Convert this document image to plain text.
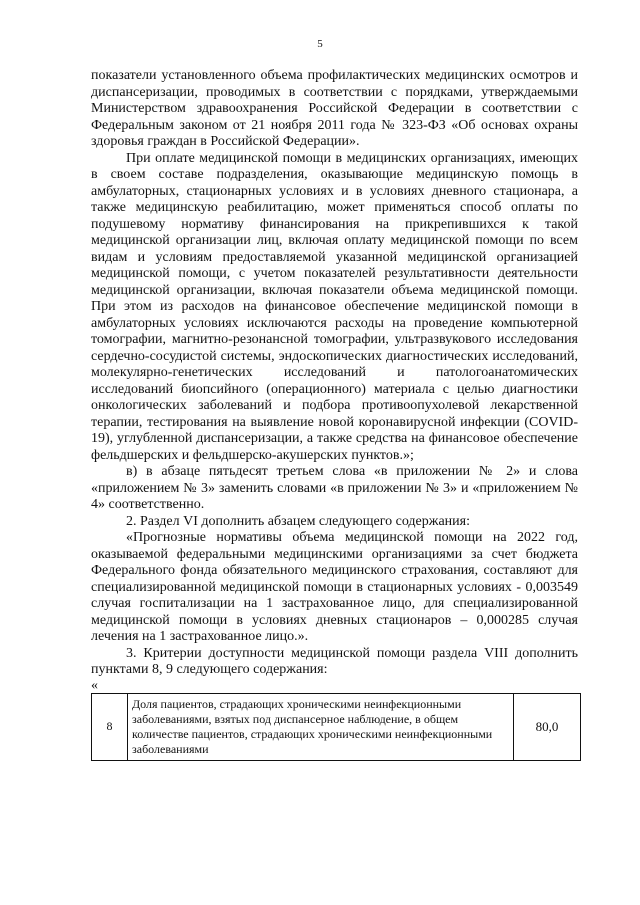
5

показатели установленного объема профилактических медицинских осмотров и диспансеризации, проводимых в соответствии с порядками, утверждаемыми Министерством здравоохранения Российской Федерации в соответствии с Федеральным законом от 21 ноября 2011 года № 323-ФЗ «Об основах охраны здоровья граждан в Российской Федерации».

При оплате медицинской помощи в медицинских организациях, имеющих в своем составе подразделения, оказывающие медицинскую помощь в амбулаторных, стационарных условиях и в условиях дневного стационара, а также медицинскую реабилитацию, может применяться способ оплаты по подушевому нормативу финансирования на прикрепившихся к такой медицинской организации лиц, включая оплату медицинской помощи по всем видам и условиям предоставляемой указанной медицинской организацией медицинской помощи, с учетом показателей результативности деятельности медицинской организации, включая показатели объема медицинской помощи. При этом из расходов на финансовое обеспечение медицинской помощи в амбулаторных условиях исключаются расходы на проведение компьютерной томографии, магнитно-резонансной томографии, ультразвукового исследования сердечно-сосудистой системы, эндоскопических диагностических исследований, молекулярно-генетических исследований и патологоанатомических исследований биопсийного (операционного) материала с целью диагностики онкологических заболеваний и подбора противоопухолевой лекарственной терапии, тестирования на выявление новой коронавирусной инфекции (COVID-19), углубленной диспансеризации, а также средства на финансовое обеспечение фельдшерских и фельдшерско-акушерских пунктов.»;

в) в абзаце пятьдесят третьем слова «в приложении № 2» и слова «приложением № 3» заменить словами «в приложении № 3» и «приложением № 4» соответственно.

2. Раздел VI дополнить абзацем следующего содержания:

«Прогнозные нормативы объема медицинской помощи на 2022 год, оказываемой федеральными медицинскими организациями за счет бюджета Федерального фонда обязательного медицинского страхования, составляют для специализированной медицинской помощи в стационарных условиях - 0,003549 случая госпитализации на 1 застрахованное лицо, для специализированной медицинской помощи в условиях дневных стационаров – 0,000285 случая лечения на 1 застрахованное лицо.».

3. Критерии доступности медицинской помощи раздела VIII дополнить пунктами 8, 9 следующего содержания:

«

8	Доля пациентов, страдающих хроническими неинфекционными заболеваниями, взятых под диспансерное наблюдение, в общем количестве пациентов, страдающих хроническими неинфекционными заболеваниями	80,0
